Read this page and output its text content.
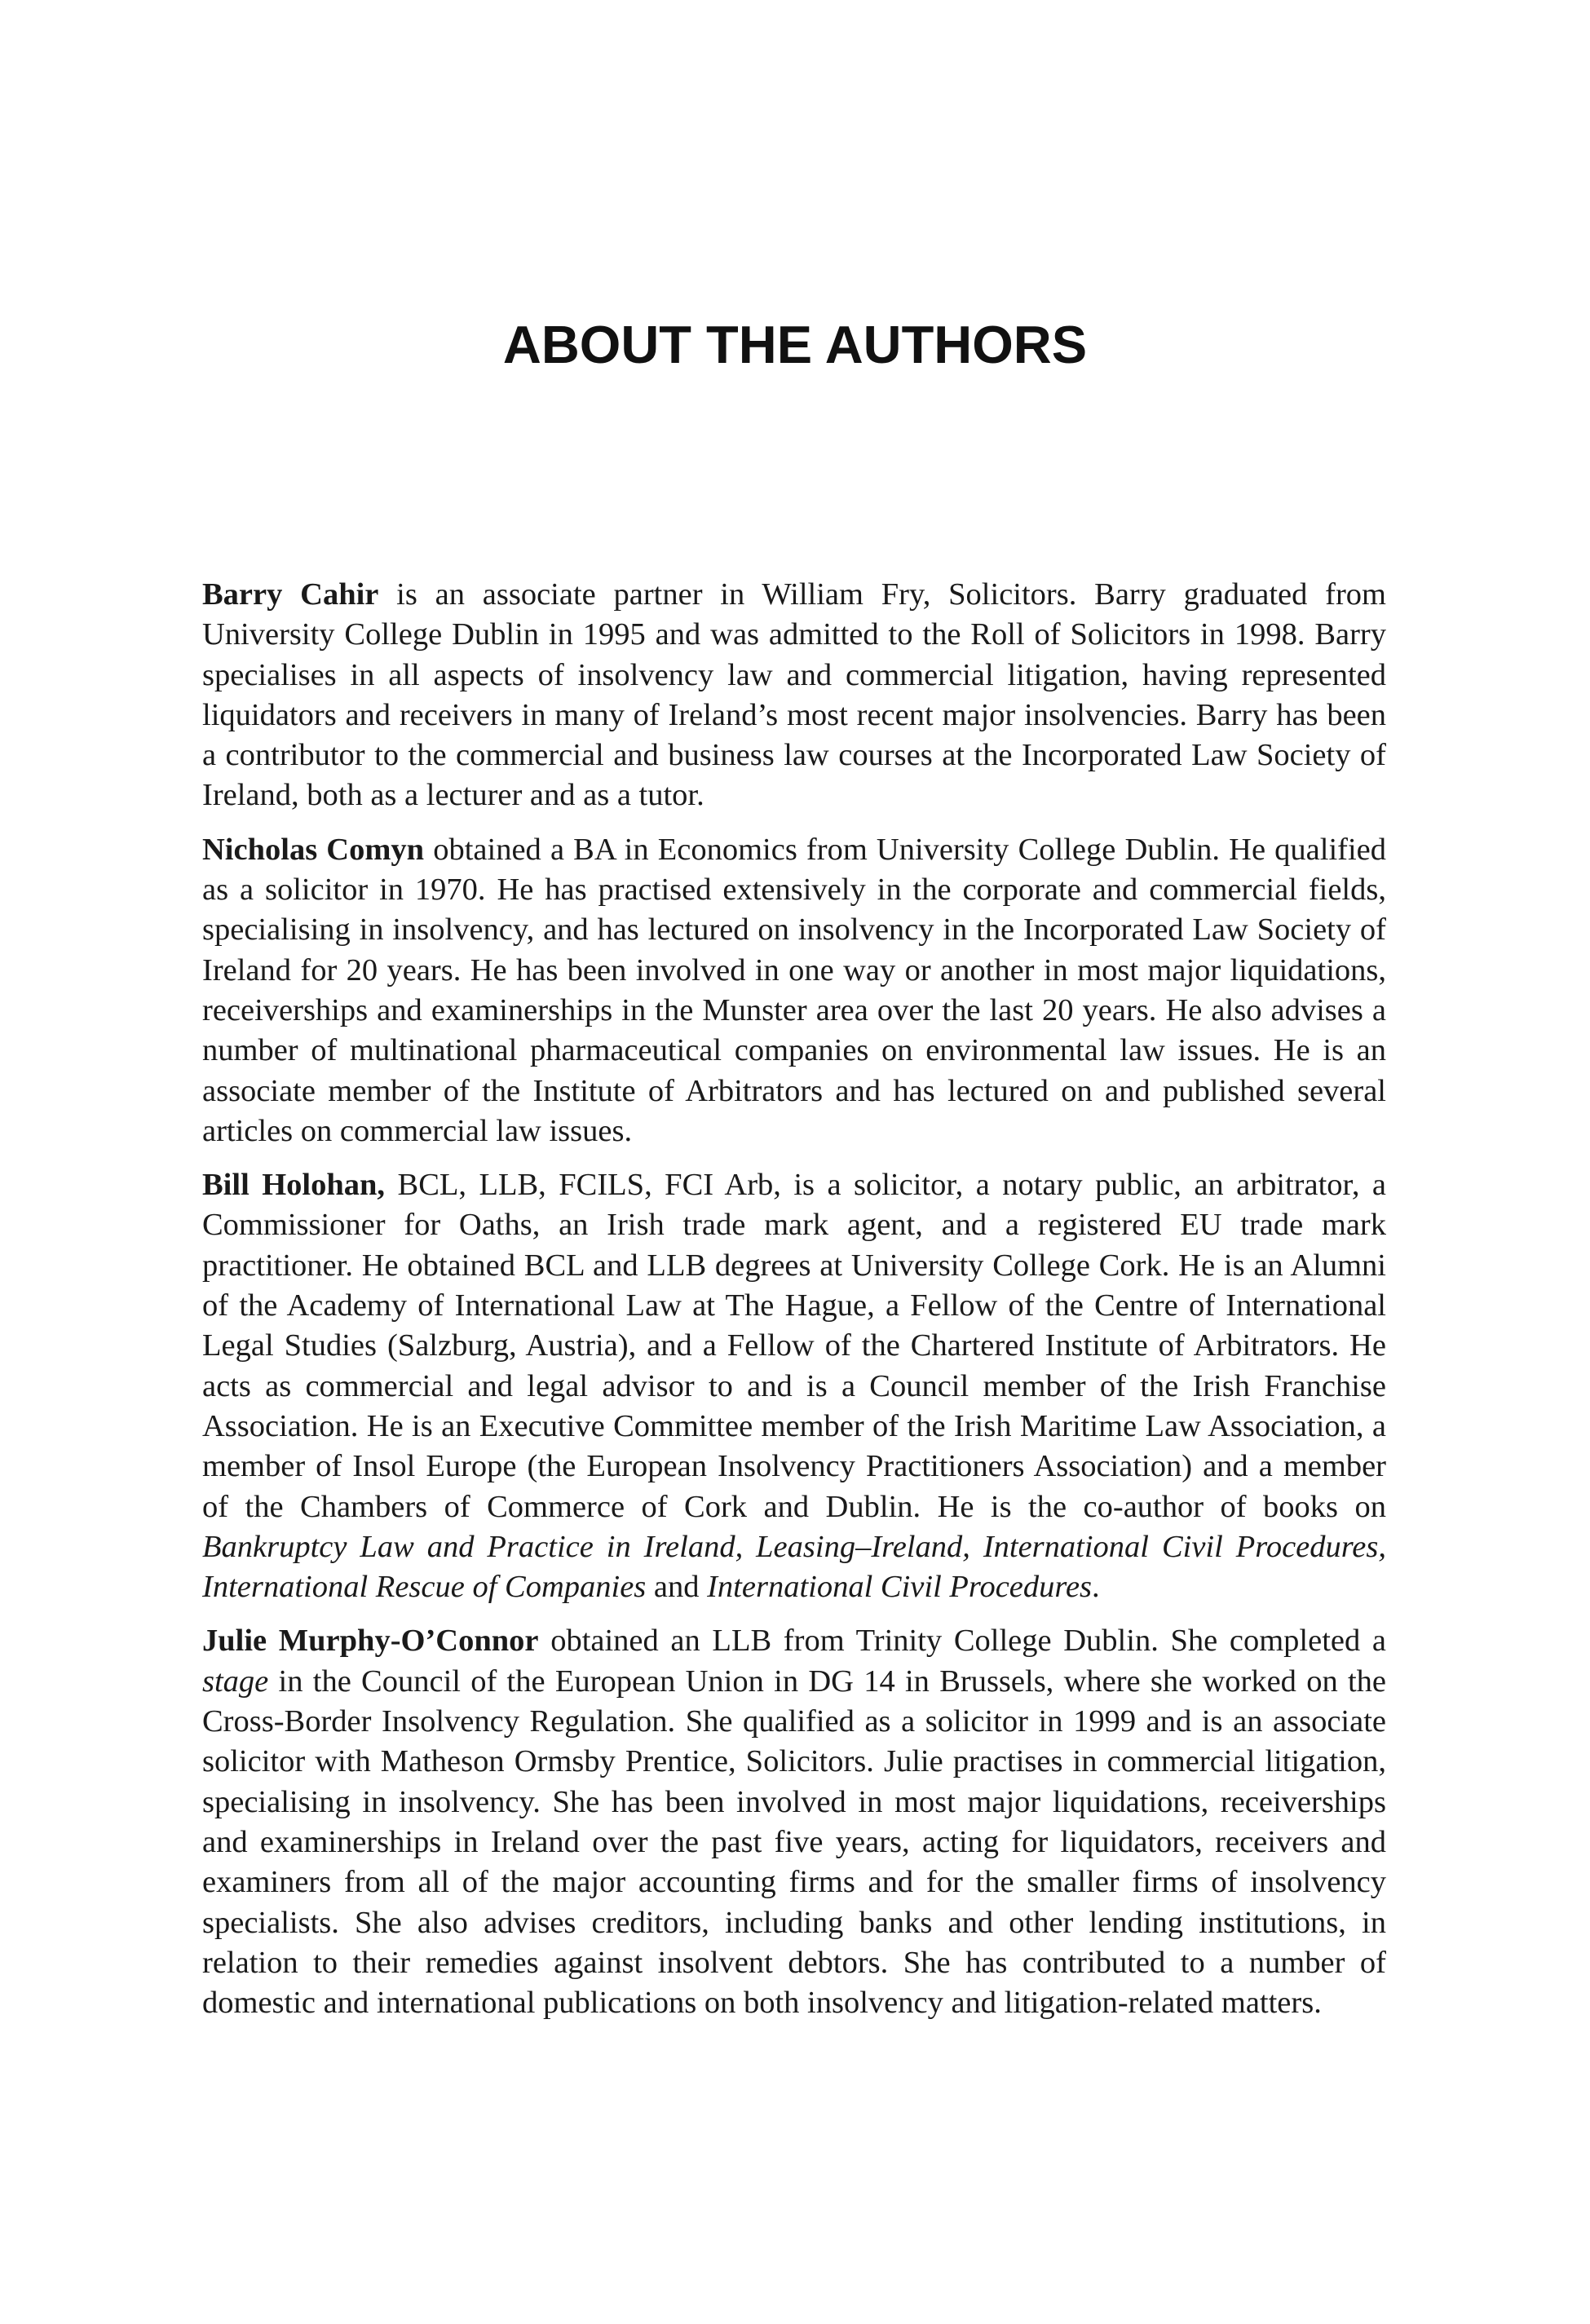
ABOUT THE AUTHORS

Barry Cahir is an associate partner in William Fry, Solicitors. Barry graduated from University College Dublin in 1995 and was admitted to the Roll of Solicitors in 1998. Barry specialises in all aspects of insolvency law and commercial litigation, having represented liquidators and receivers in many of Ireland’s most recent major insolvencies. Barry has been a contributor to the commercial and business law courses at the Incorporated Law Society of Ireland, both as a lecturer and as a tutor.

Nicholas Comyn obtained a BA in Economics from University College Dublin. He qualified as a solicitor in 1970. He has practised extensively in the corporate and commercial fields, specialising in insolvency, and has lectured on insolvency in the Incorporated Law Society of Ireland for 20 years. He has been involved in one way or another in most major liquidations, receiverships and examinerships in the Munster area over the last 20 years. He also advises a number of multinational pharmaceutical companies on environmental law issues. He is an associate member of the Institute of Arbitrators and has lectured on and published several articles on commercial law issues.

Bill Holohan, BCL, LLB, FCILS, FCI Arb, is a solicitor, a notary public, an arbitrator, a Commissioner for Oaths, an Irish trade mark agent, and a registered EU trade mark practitioner. He obtained BCL and LLB degrees at University College Cork. He is an Alumni of the Academy of International Law at The Hague, a Fellow of the Centre of International Legal Studies (Salzburg, Austria), and a Fellow of the Chartered Institute of Arbitrators. He acts as commercial and legal advisor to and is a Council member of the Irish Franchise Association. He is an Executive Committee member of the Irish Maritime Law Association, a member of Insol Europe (the European Insolvency Practitioners Association) and a member of the Chambers of Commerce of Cork and Dublin. He is the co-author of books on Bankruptcy Law and Practice in Ireland, Leasing–Ireland, International Civil Procedures, International Rescue of Companies and International Civil Procedures.

Julie Murphy-O’Connor obtained an LLB from Trinity College Dublin. She completed a stage in the Council of the European Union in DG 14 in Brussels, where she worked on the Cross-Border Insolvency Regulation. She qualified as a solicitor in 1999 and is an associate solicitor with Matheson Ormsby Prentice, Solicitors. Julie practises in commercial litigation, specialising in insolvency. She has been involved in most major liquidations, receiverships and examinerships in Ireland over the past five years, acting for liquidators, receivers and examiners from all of the major accounting firms and for the smaller firms of insolvency specialists. She also advises creditors, including banks and other lending institutions, in relation to their remedies against insolvent debtors. She has contributed to a number of domestic and international publications on both insolvency and litigation-related matters.
